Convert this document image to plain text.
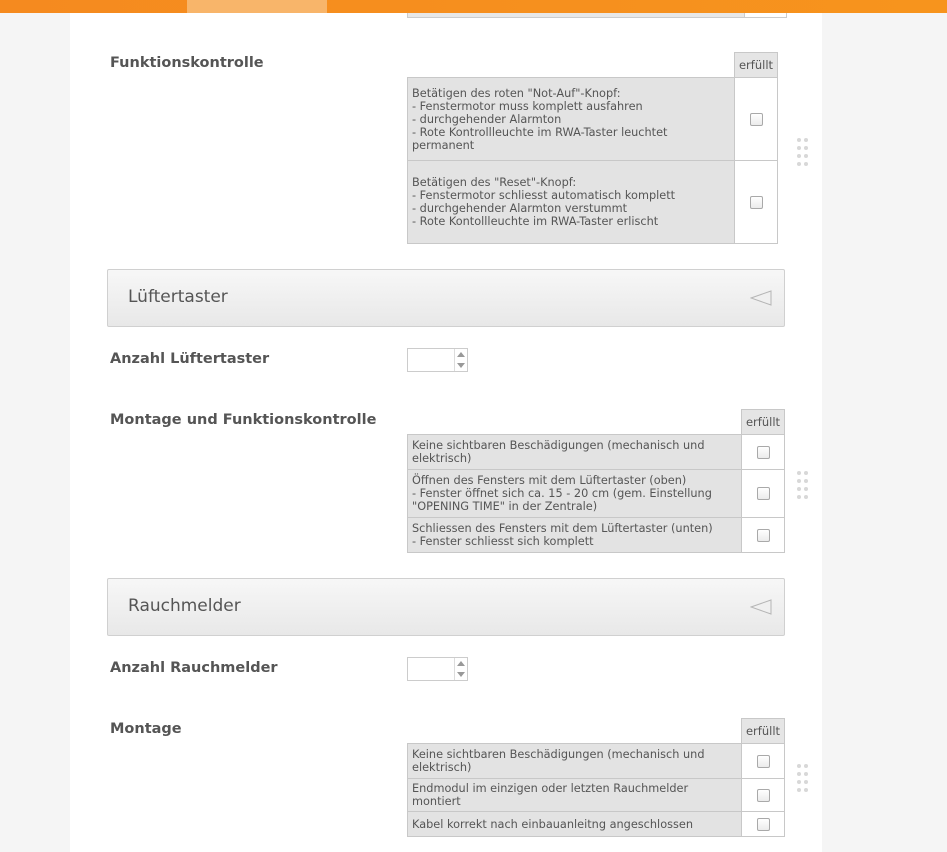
Funktionskontrolle
		erfüllt

Betätigen des roten "Not-Auf"-Knopf:
- Fenstermotor muss komplett ausfahren
- durchgehender Alarmton
- Rote Kontrollleuchte im RWA-Taster leuchtet permanent	

Betätigen des "Reset"-Knopf:
- Fenstermotor schliesst automatisch komplett
- durchgehender Alarmton verstummt
- Rote Kontollleuchte im RWA-Taster erlischt	

Lüftertaster
Anzahl Lüftertaster
Montage und Funktionskontrolle
		erfüllt

Keine sichtbaren Beschädigungen (mechanisch und
elektrisch)	

Öffnen des Fensters mit dem Lüftertaster (oben)
- Fenster öffnet sich ca. 15 - 20 cm (gem. Einstellung
"OPENING TIME" in der Zentrale)	

Schliessen des Fensters mit dem Lüftertaster (unten)
- Fenster schliesst sich komplett	

Rauchmelder
Anzahl Rauchmelder
Montage
		erfüllt

Keine sichtbaren Beschädigungen (mechanisch und
elektrisch)	

Endmodul im einzigen oder letzten Rauchmelder montiert	

Kabel korrekt nach einbauanleitng angeschlossen	
